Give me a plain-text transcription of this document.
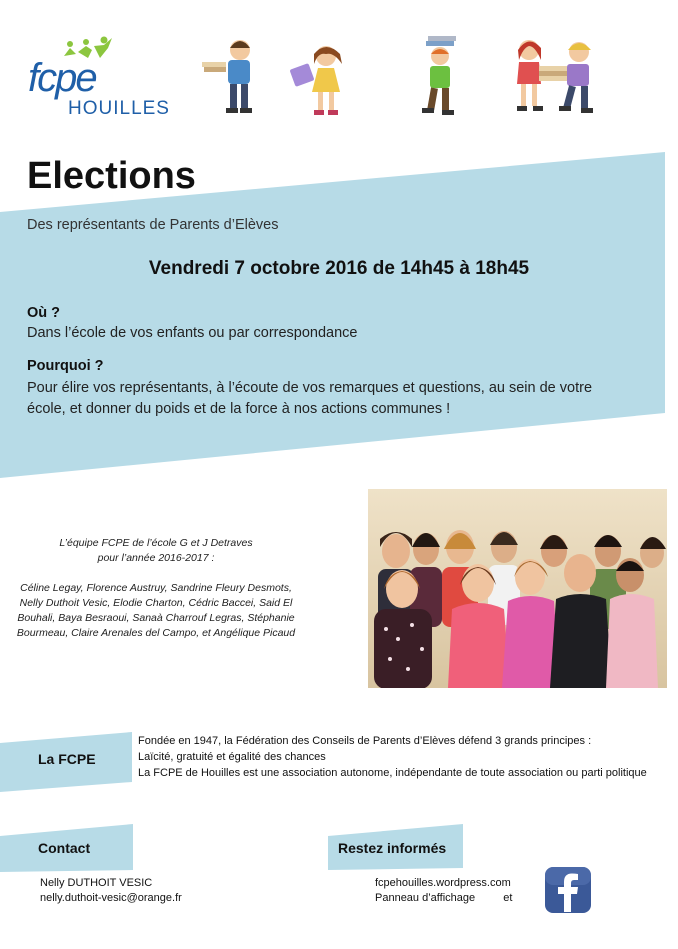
fcpe
HOUILLES
Elections
Des représentants de Parents d’Elèves
Vendredi 7 octobre 2016 de 14h45 à 18h45
Où ?
Dans l’école de vos enfants ou par correspondance
Pourquoi ?
Pour élire vos représentants, à l’écoute de vos remarques et questions, au sein de votre
école, et donner du poids et de la force à nos actions communes !
L’équipe FCPE de l’école G et J Detraves
pour l’année 2016-2017 :
Céline Legay, Florence Austruy, Sandrine Fleury Desmots,
Nelly Duthoit Vesic, Elodie Charton, Cédric Baccei, Said El
Bouhali, Baya Besraoui, Sanaà Charrouf Legras, Stéphanie
Bourmeau, Claire Arenales del Campo, et Angélique Picaud
La FCPE
Fondée en 1947, la Fédération des Conseils de Parents d’Elèves défend 3 grands principes :
Laïcité, gratuité et égalité des chances
La FCPE de Houilles est une association autonome, indépendante de toute association ou parti politique
Contact
Nelly DUTHOIT VESIC
nelly.duthoit-vesic@orange.fr
Restez informés
fcpehouilles.wordpress.com
Panneau d’affichage	et
